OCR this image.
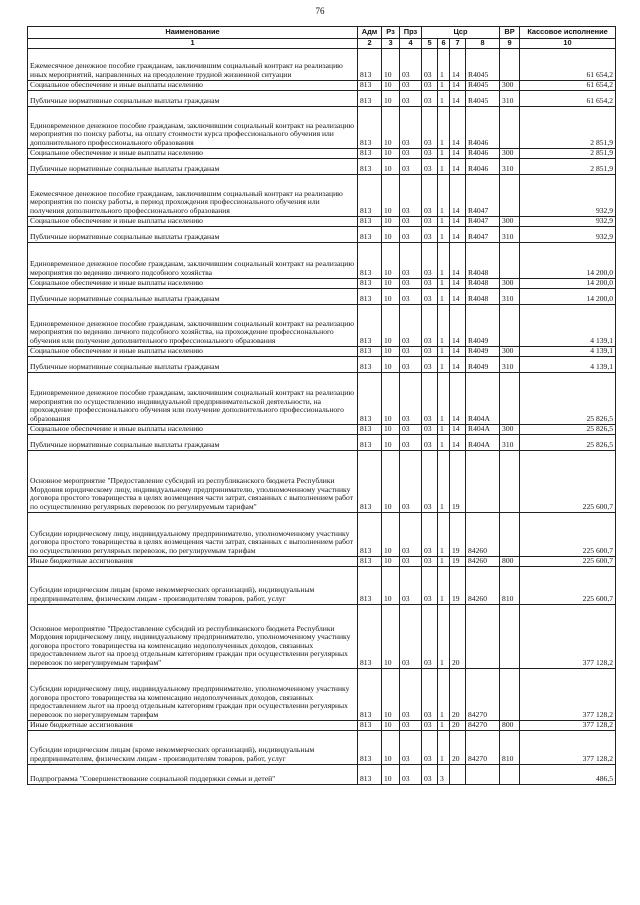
76
Наименование	Адм	Рз	Прз	Цср				ВР	Кассовое исполнение
1	2	3	4	5	6	7	8	9	10
Ежемесячное денежное пособие гражданам, заключившим социальный контракт на реализацию иных мероприятий, направленных на преодоление трудной жизненной ситуации	813	10	03	03	1	14	R4045		61 654,2
Социальное обеспечение и иные выплаты населению	813	10	03	03	1	14	R4045	300	61 654,2
Публичные нормативные социальные выплаты гражданам	813	10	03	03	1	14	R4045	310	61 654,2
Единовременное денежное пособие гражданам, заключившим социальный контракт на реализацию мероприятия по поиску работы, на оплату стоимости курса профессионального обучения или дополнительного профессионального образования	813	10	03	03	1	14	R4046		2 851,9
Социальное обеспечение и иные выплаты населению	813	10	03	03	1	14	R4046	300	2 851,9
Публичные нормативные социальные выплаты гражданам	813	10	03	03	1	14	R4046	310	2 851,9
Ежемесячное денежное пособие гражданам, заключившим социальный контракт на реализацию мероприятия по поиску работы, в период прохождения профессионального обучения или получения дополнительного профессионального образования	813	10	03	03	1	14	R4047		932,9
Социальное обеспечение и иные выплаты населению	813	10	03	03	1	14	R4047	300	932,9
Публичные нормативные социальные выплаты гражданам	813	10	03	03	1	14	R4047	310	932,9
Единовременное денежное пособие гражданам, заключившим социальный контракт на реализацию мероприятия по ведению личного подсобного хозяйства	813	10	03	03	1	14	R4048		14 200,0
Социальное обеспечение и иные выплаты населению	813	10	03	03	1	14	R4048	300	14 200,0
Публичные нормативные социальные выплаты гражданам	813	10	03	03	1	14	R4048	310	14 200,0
Единовременное денежное пособие гражданам, заключившим социальный контракт на реализацию мероприятия по ведению личного подсобного хозяйства, на прохождение профессионального обучения или получение дополнительного профессионального образования	813	10	03	03	1	14	R4049		4 139,1
Социальное обеспечение и иные выплаты населению	813	10	03	03	1	14	R4049	300	4 139,1
Публичные нормативные социальные выплаты гражданам	813	10	03	03	1	14	R4049	310	4 139,1
Единовременное денежное пособие гражданам, заключившим социальный контракт на реализацию мероприятия по осуществлению индивидуальной предпринимательской деятельности, на прохождение профессионального обучения или получение дополнительного профессионального образования	813	10	03	03	1	14	R404A		25 826,5
Социальное обеспечение и иные выплаты населению	813	10	03	03	1	14	R404A	300	25 826,5
Публичные нормативные социальные выплаты гражданам	813	10	03	03	1	14	R404A	310	25 826,5
Основное мероприятие "Предоставление субсидий из республиканского бюджета Республики Мордовия юридическому лицу, индивидуальному предпринимателю, уполномоченному участнику договора простого товарищества в целях возмещения части затрат, связанных с выполнением работ по осуществлению регулярных перевозок по регулируемым тарифам"	813	10	03	03	1	19			225 600,7
Субсидии юридическому лицу, индивидуальному предпринимателю, уполномоченному участнику договора простого товарищества в целях возмещения части затрат, связанных с выполнением работ по осуществлению регулярных перевозок, по регулируемым тарифам	813	10	03	03	1	19	84260		225 600,7
Иные бюджетные ассигнования	813	10	03	03	1	19	84260	800	225 600,7
Субсидии юридическим лицам (кроме некоммерческих организаций), индивидуальным предпринимателям, физическим лицам - производителям товаров, работ, услуг	813	10	03	03	1	19	84260	810	225 600,7
Основное мероприятие "Предоставление субсидий из республиканского бюджета Республики Мордовия юридическому лицу, индивидуальному предпринимателю, уполномоченному участнику договора простого товарищества на компенсацию недополученных доходов, связанных предоставлением льгот на проезд отдельным категориям граждан при осуществлении регулярных перевозок по нерегулируемым тарифам"	813	10	03	03	1	20			377 128,2
Субсидии юридическому лицу, индивидуальному предпринимателю, уполномоченному участнику договора простого товарищества на компенсацию недополученных доходов, связанных предоставлением льгот на проезд отдельным категориям граждан при осуществлении регулярных перевозок по нерегулируемым тарифам	813	10	03	03	1	20	84270		377 128,2
Иные бюджетные ассигнования	813	10	03	03	1	20	84270	800	377 128,2
Субсидии юридическим лицам (кроме некоммерческих организаций), индивидуальным предпринимателям, физическим лицам - производителям товаров, работ, услуг	813	10	03	03	1	20	84270	810	377 128,2
Подпрограмма "Совершенствование социальной поддержки семьи и детей"	813	10	03	03	3				486,5
